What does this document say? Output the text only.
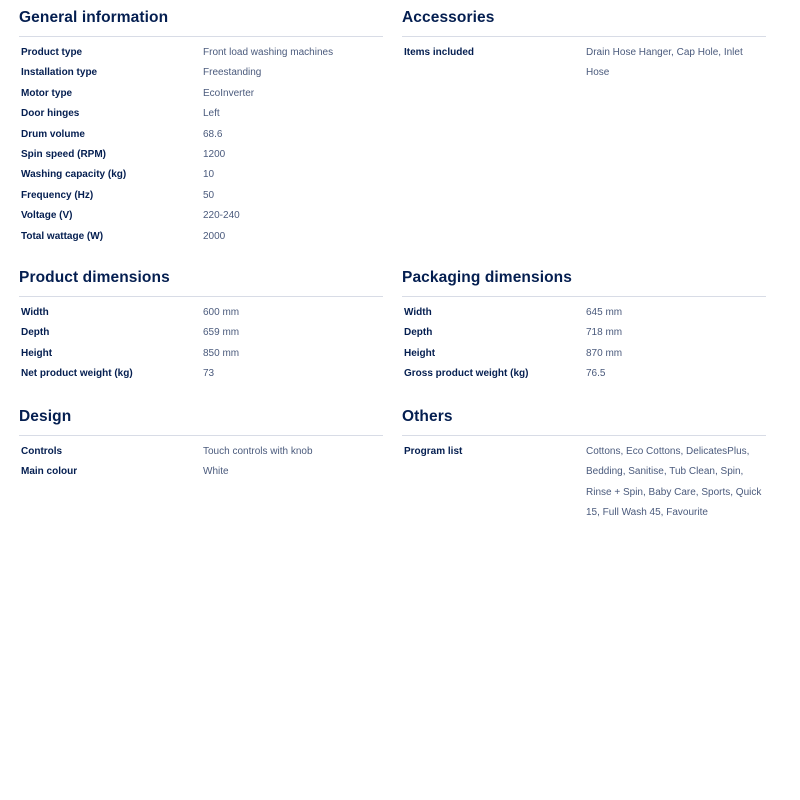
General information
Product type	Front load washing machines
Installation type	Freestanding
Motor type	EcoInverter
Door hinges	Left
Drum volume	68.6
Spin speed (RPM)	1200
Washing capacity (kg)	10
Frequency (Hz)	50
Voltage (V)	220-240
Total wattage (W)	2000
Accessories
Items included	Drain Hose Hanger, Cap Hole, Inlet Hose
Product dimensions
Width	600 mm
Depth	659 mm
Height	850 mm
Net product weight (kg)	73
Packaging dimensions
Width	645 mm
Depth	718 mm
Height	870 mm
Gross product weight (kg)	76.5
Design
Controls	Touch controls with knob
Main colour	White
Others
Program list	Cottons, Eco Cottons, DelicatesPlus, Bedding, Sanitise, Tub Clean, Spin, Rinse + Spin, Baby Care, Sports, Quick 15, Full Wash 45, Favourite
